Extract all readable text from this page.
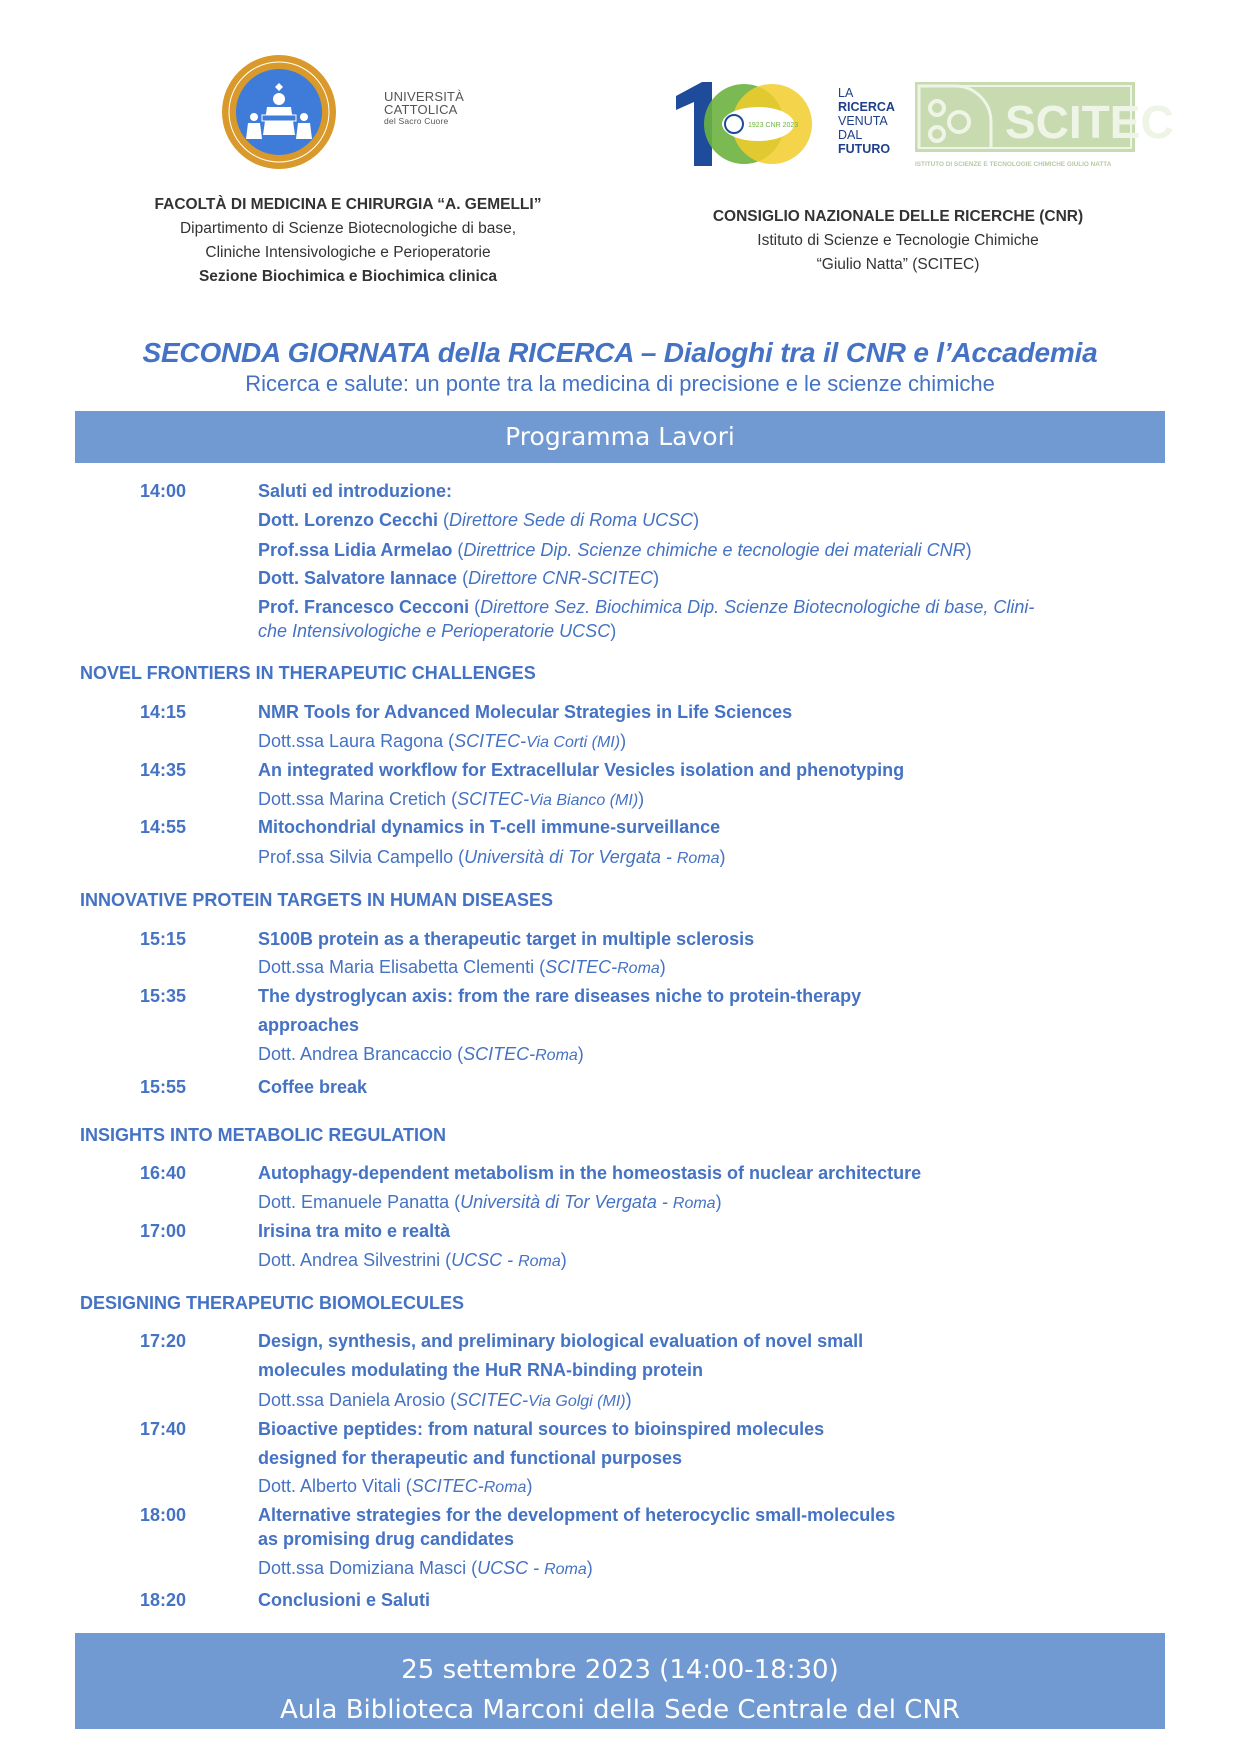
UNIVERSITÀ
CATTOLICA
del Sacro Cuore	1923 CNR 2023
LA
RICERCA
VENUTA
DAL
FUTURO
SCITEC
ISTITUTO DI SCIENZE E TECNOLOGIE CHIMICHE GIULIO NATTA
FACOLTÀ DI MEDICINA E CHIRURGIA “A. GEMELLI”
Dipartimento di Scienze Biotecnologiche di base,
Cliniche Intensivologiche e Perioperatorie
Sezione Biochimica e Biochimica clinica
CONSIGLIO NAZIONALE DELLE RICERCHE (CNR)
Istituto di Scienze e Tecnologie Chimiche
“Giulio Natta” (SCITEC)
SECONDA GIORNATA della RICERCA – Dialoghi tra il CNR e l’Accademia
Ricerca e salute: un ponte tra la medicina di precisione e le scienze chimiche
Programma Lavori
14:00	Saluti ed introduzione:
Dott. Lorenzo Cecchi (Direttore Sede di Roma UCSC)
Prof.ssa Lidia Armelao (Direttrice Dip. Scienze chimiche e tecnologie dei materiali CNR)
Dott. Salvatore Iannace (Direttore CNR-SCITEC)
Prof. Francesco Cecconi (Direttore Sez. Biochimica Dip. Scienze Biotecnologiche di base, Clini-
che Intensivologiche e Perioperatorie UCSC)
NOVEL FRONTIERS IN THERAPEUTIC CHALLENGES
14:15	NMR Tools for Advanced Molecular Strategies in Life Sciences
Dott.ssa Laura Ragona (SCITEC-Via Corti (MI))
14:35	An integrated workflow for Extracellular Vesicles isolation and phenotyping
Dott.ssa Marina Cretich (SCITEC-Via Bianco (MI))
14:55	Mitochondrial dynamics in T-cell immune-surveillance
Prof.ssa Silvia Campello (Università di Tor Vergata - Roma)
INNOVATIVE PROTEIN TARGETS IN HUMAN DISEASES
15:15	S100B protein as a therapeutic target in multiple sclerosis
Dott.ssa Maria Elisabetta Clementi (SCITEC-Roma)
15:35	The dystroglycan axis: from the rare diseases niche to protein-therapy
approaches
Dott. Andrea Brancaccio (SCITEC-Roma)
15:55	Coffee break
INSIGHTS INTO METABOLIC REGULATION
16:40	Autophagy-dependent metabolism in the homeostasis of nuclear architecture
Dott. Emanuele Panatta (Università di Tor Vergata - Roma)
17:00	Irisina tra mito e realtà
Dott. Andrea Silvestrini (UCSC - Roma)
DESIGNING THERAPEUTIC BIOMOLECULES
17:20	Design, synthesis, and preliminary biological evaluation of novel small
molecules modulating the HuR RNA-binding protein
Dott.ssa Daniela Arosio (SCITEC-Via Golgi (MI))
17:40	Bioactive peptides: from natural sources to bioinspired molecules
designed for therapeutic and functional purposes
Dott. Alberto Vitali (SCITEC-Roma)
18:00	Alternative strategies for the development of heterocyclic small-molecules
as promising drug candidates
Dott.ssa Domiziana Masci (UCSC - Roma)
18:20	Conclusioni e Saluti
25 settembre 2023 (14:00-18:30)
Aula Biblioteca Marconi della Sede Centrale del CNR
